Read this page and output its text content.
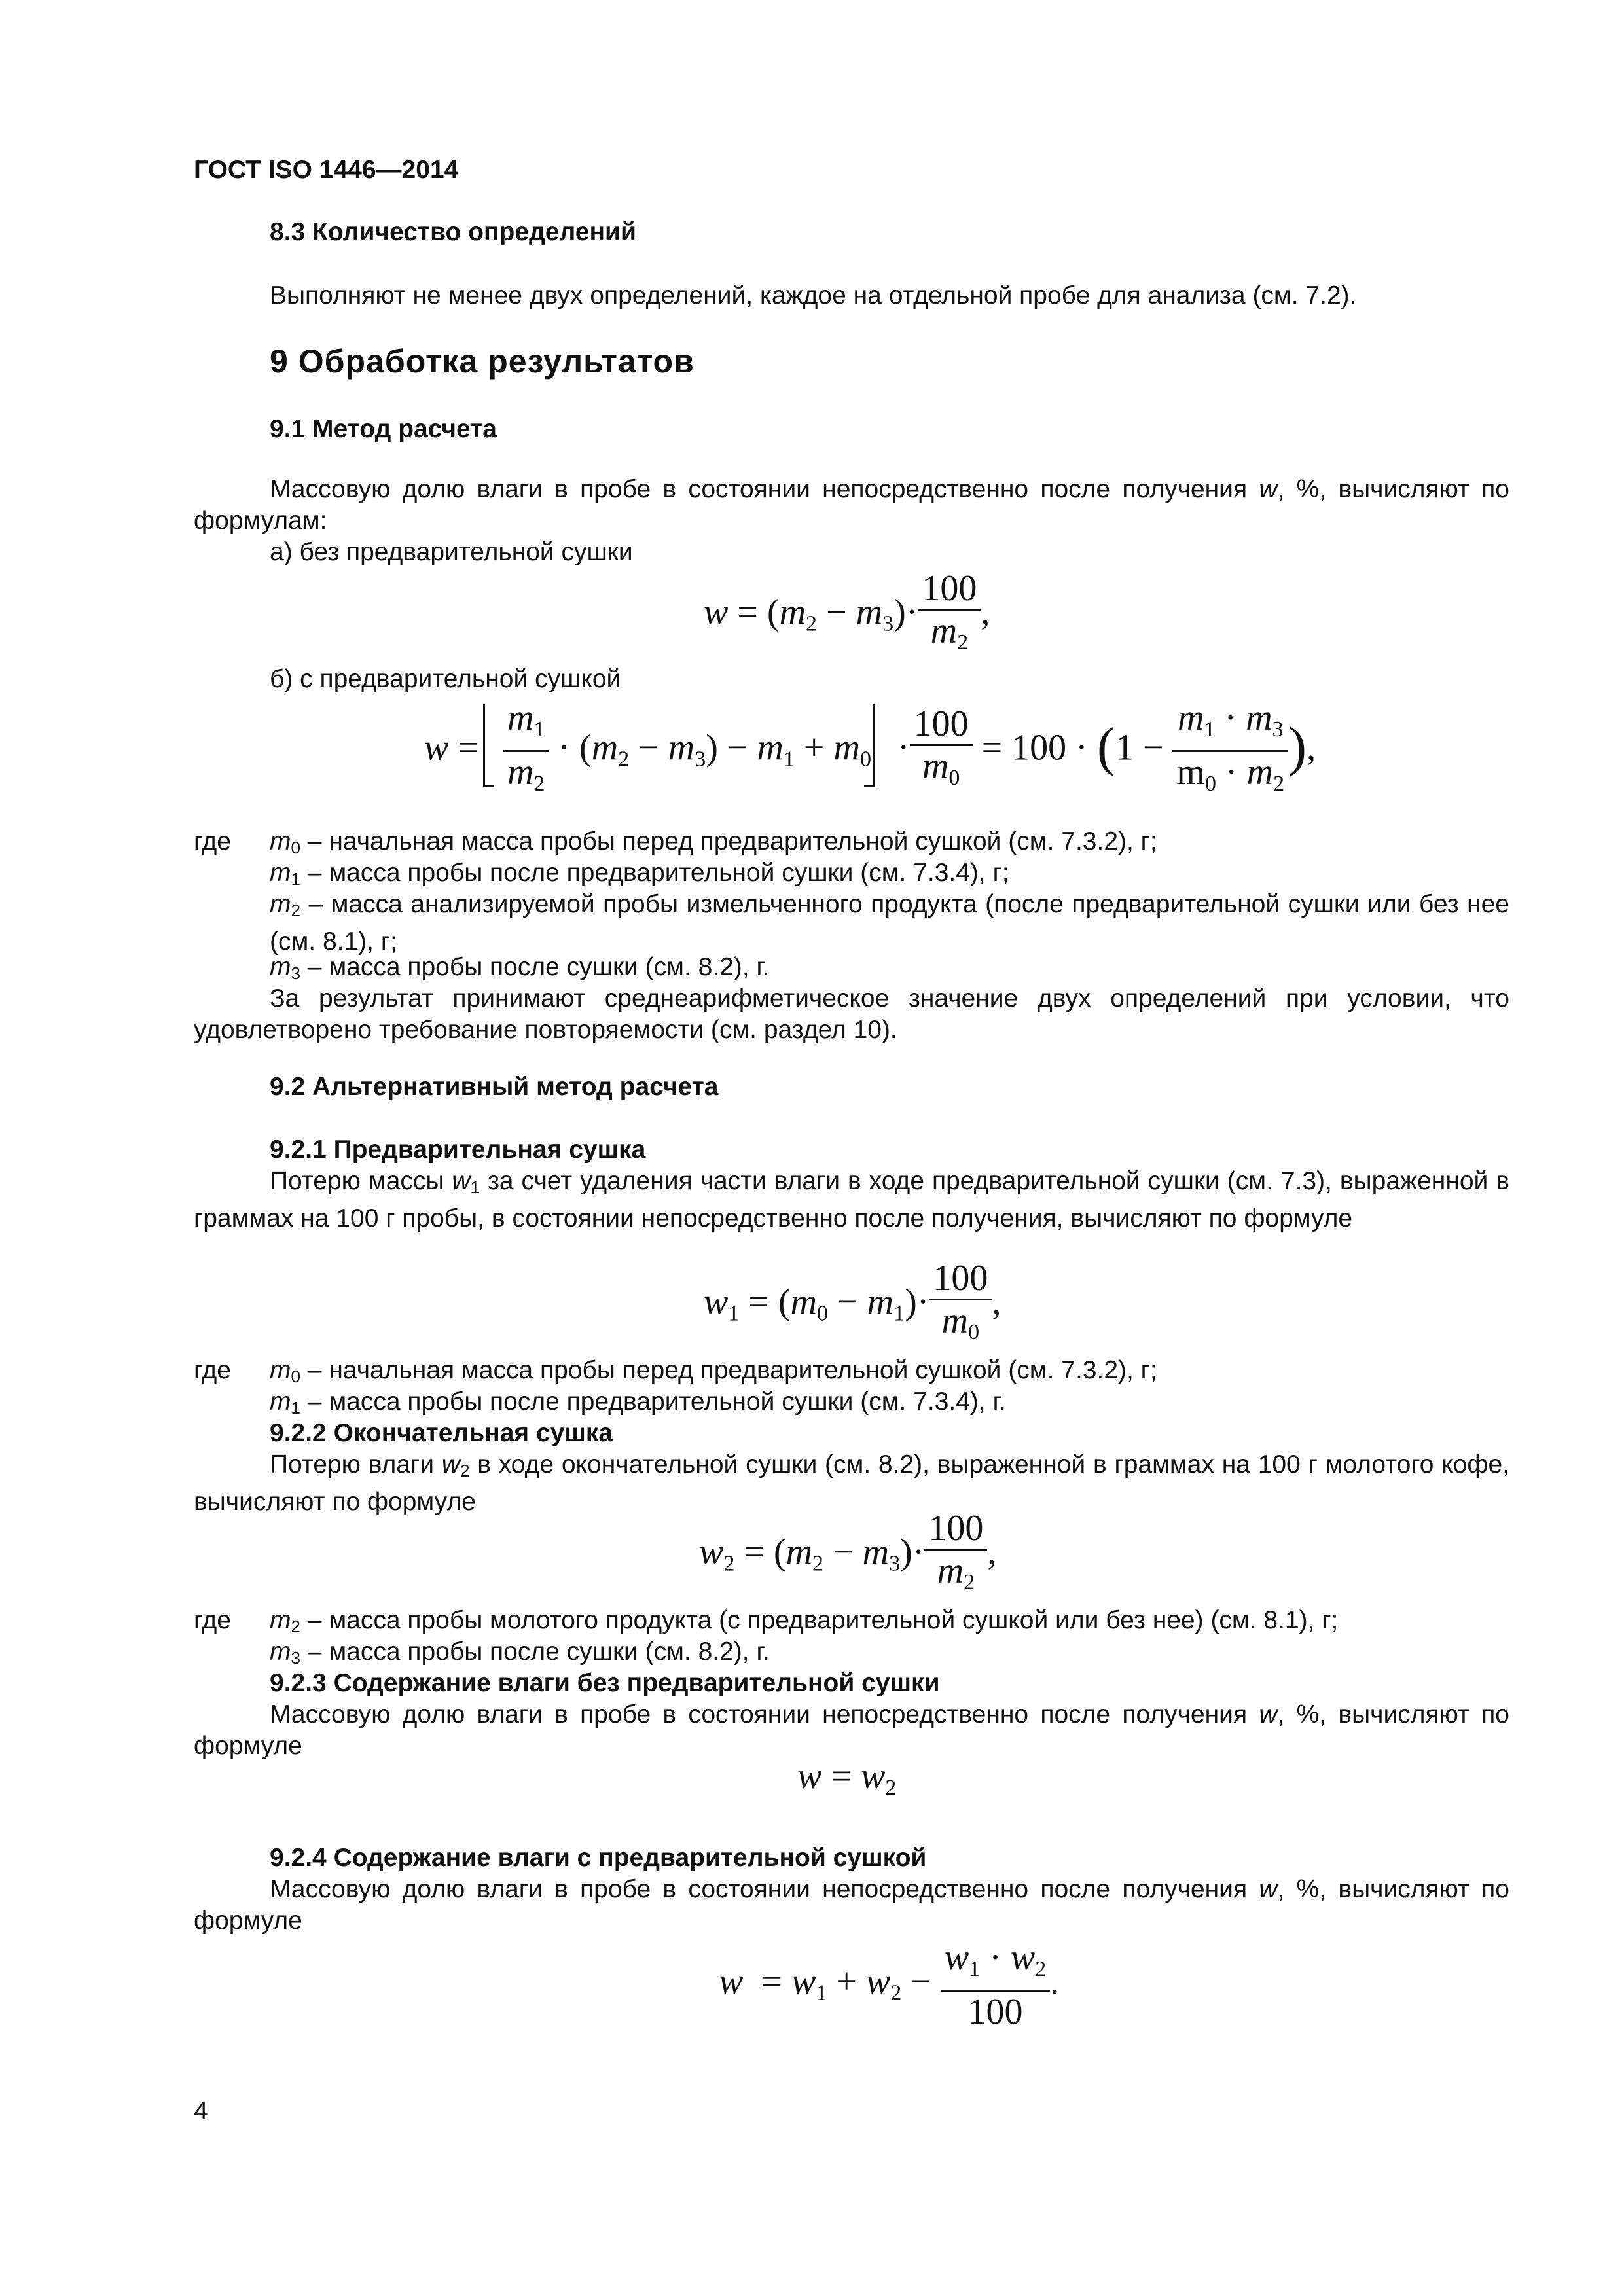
ГОСТ ISO 1446—2014
8.3 Количество определений
Выполняют не менее двух определений, каждое на отдельной пробе для анализа (см. 7.2).
9 Обработка результатов
9.1 Метод расчета
Массовую долю влаги в пробе в состоянии непосредственно после получения w, %, вычисляют по формулам:
а) без предварительной сушки
$w = (m_2 - m_3)\cdot \frac{100}{m_2}$ ,
б) с предварительной сушкой
$w = \frac{m_1}{m_2} \cdot (m_2 - m_3) - m_1 + m_0 \cdot \frac{100}{m_0} = 100 \cdot (1 - \frac{m_1 \cdot m_3}{m_0 \cdot m_2}$ ),
где $m_0$ – начальная масса пробы перед предварительной сушкой (см. 7.3.2), г;
$m_1$ – масса пробы после предварительной сушки (см. 7.3.4), г;
$m_2$ – масса анализируемой пробы измельченного продукта (после предварительной сушки или без нее (см. 8.1), г;
$m_3$ – масса пробы после сушки (см. 8.2), г.
За результат принимают среднеарифметическое значение двух определений при условии, что удовлетворено требование повторяемости (см. раздел 10).
9.2 Альтернативный метод расчета
9.2.1 Предварительная сушка
Потерю массы $w_1$ за счет удаления части влаги в ходе предварительной сушки (см. 7.3), выраженной в граммах на 100 г пробы, в состоянии непосредственно после получения, вычисляют по формуле
$w_1 = (m_0 - m_1)\cdot \frac{100}{m_0}$ ,
где $m_0$ – начальная масса пробы перед предварительной сушкой (см. 7.3.2), г;
$m_1$ – масса пробы после предварительной сушки (см. 7.3.4), г.
9.2.2 Окончательная сушка
Потерю влаги $w_2$ в ходе окончательной сушки (см. 8.2), выраженной в граммах на 100 г молотого кофе, вычисляют по формуле
$w_2 = (m_2 - m_3)\cdot \frac{100}{m_2}$ ,
где $m_2$ – масса пробы молотого продукта (с предварительной сушкой или без нее) (см. 8.1), г;
$m_3$ – масса пробы после сушки (см. 8.2), г.
9.2.3 Содержание влаги без предварительной сушки
Массовую долю влаги в пробе в состоянии непосредственно после получения w, %, вычисляют по формуле
$w = w_2$
9.2.4 Содержание влаги с предварительной сушкой
Массовую долю влаги в пробе в состоянии непосредственно после получения w, %, вычисляют по формуле
$w = w_1 + w_2 - \frac{w_1 \cdot w_2}{100}$ .
4
